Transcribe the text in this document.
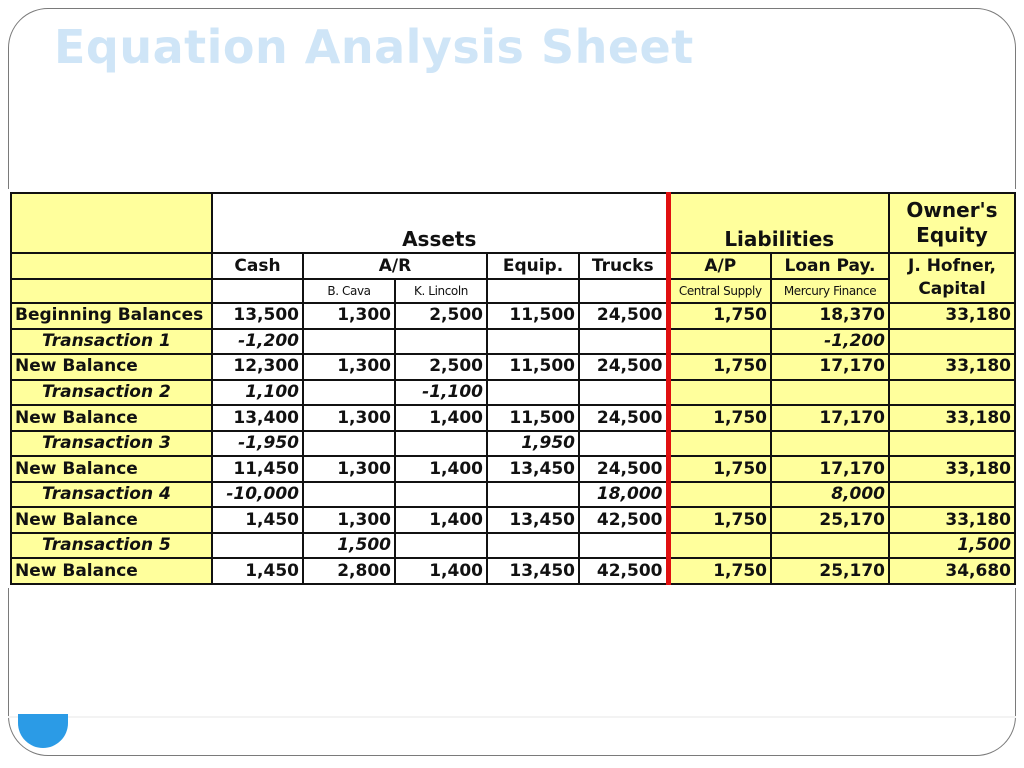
Equation Analysis Sheet
	Assets					Liabilities		Owner's Equity
	Cash	A/R		Equip.	Trucks	A/P	Loan Pay.	J. Hofner, Capital
		B. Cava	K. Lincoln			Central Supply	Mercury Finance	
Beginning Balances	13,500	1,300	2,500	11,500	24,500	1,750	18,370	33,180
Transaction 1	-1,200						-1,200	
New Balance	12,300	1,300	2,500	11,500	24,500	1,750	17,170	33,180
Transaction 2	1,100		-1,100					
New Balance	13,400	1,300	1,400	11,500	24,500	1,750	17,170	33,180
Transaction 3	-1,950			1,950				
New Balance	11,450	1,300	1,400	13,450	24,500	1,750	17,170	33,180
Transaction 4	-10,000				18,000		8,000	
New Balance	1,450	1,300	1,400	13,450	42,500	1,750	25,170	33,180
Transaction 5		1,500						1,500
New Balance	1,450	2,800	1,400	13,450	42,500	1,750	25,170	34,680
